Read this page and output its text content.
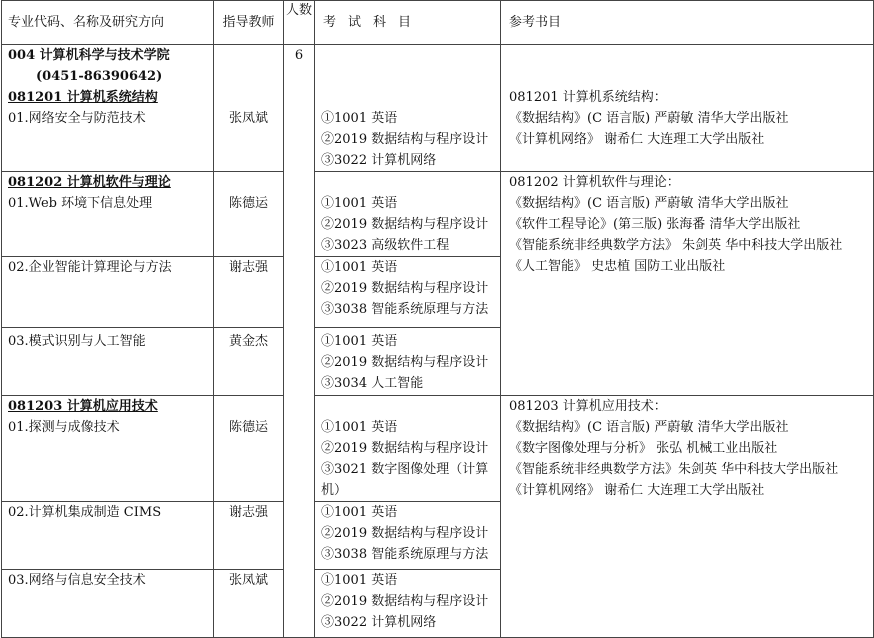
专业代码、名称及研究方向	指导教师	人数	考试科目	参考书目

004 计算机科学与技术学院
(0451-86390642)
081201 计算机系统结构
01.网络安全与防范技术	张凤斌	6	①1001 英语
②2019 数据结构与程序设计
③3022 计算机网络	081201 计算机系统结构：
《数据结构》(C 语言版) 严蔚敏 清华大学出版社
《计算机网络》 谢希仁 大连理工大学出版社

081202 计算机软件与理论
01.Web 环境下信息处理	陈德运		①1001 英语
②2019 数据结构与程序设计
③3023 高级软件工程	081202 计算机软件与理论：
《数据结构》(C 语言版) 严蔚敏 清华大学出版社
《软件工程导论》(第三版) 张海番 清华大学出版社
《智能系统非经典数学方法》 朱剑英 华中科技大学出版社
《人工智能》 史忠植 国防工业出版社

02.企业智能计算理论与方法	谢志强		①1001 英语
②2019 数据结构与程序设计
③3038 智能系统原理与方法	

03.模式识别与人工智能	黄金杰		①1001 英语
②2019 数据结构与程序设计
③3034 人工智能	

081203 计算机应用技术
01.探测与成像技术	陈德运		①1001 英语
②2019 数据结构与程序设计
③3021 数字图像处理（计算机）	081203 计算机应用技术：
《数据结构》(C 语言版) 严蔚敏 清华大学出版社
《数字图像处理与分析》 张弘 机械工业出版社
《智能系统非经典数学方法》朱剑英 华中科技大学出版社
《计算机网络》 谢希仁 大连理工大学出版社

02.计算机集成制造 CIMS	谢志强		①1001 英语
②2019 数据结构与程序设计
③3038 智能系统原理与方法	

03.网络与信息安全技术	张凤斌		①1001 英语
②2019 数据结构与程序设计
③3022 计算机网络	
